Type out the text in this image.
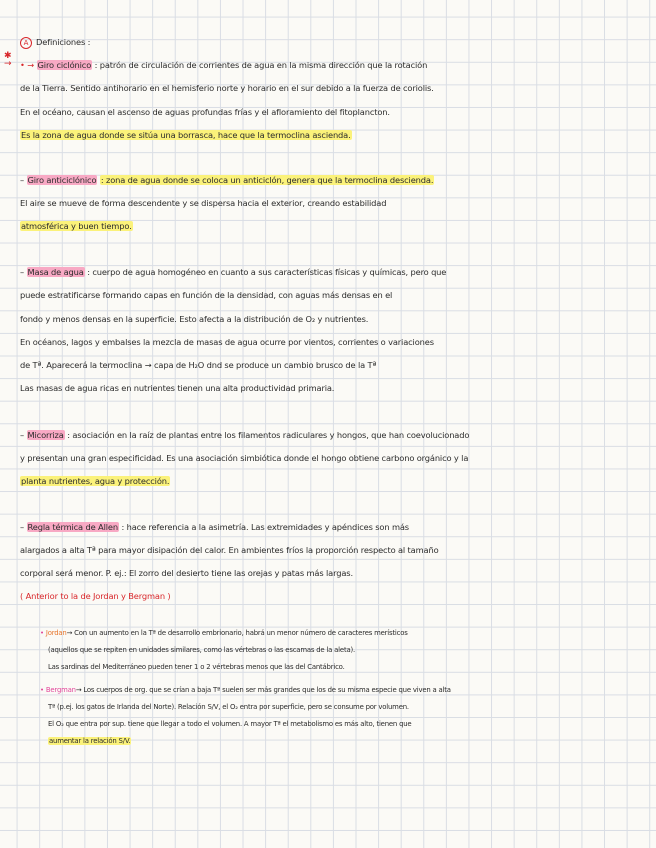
✱
→
A Definiciones :
• → Giro ciclónico : patrón de circulación de corrientes de agua en la misma dirección que la rotación
de la Tierra. Sentido antihorario en el hemisferio norte y horario en el sur debido a la fuerza de coriolis.
En el océano, causan el ascenso de aguas profundas frías y el afloramiento del fitoplancton.
Es la zona de agua donde se sitúa una borrasca, hace que la termoclina ascienda.
– Giro anticiclónico : zona de agua donde se coloca un anticiclón, genera que la termoclina descienda.
El aire se mueve de forma descendente y se dispersa hacia el exterior, creando estabilidad
atmosférica y buen tiempo.
– Masa de agua : cuerpo de agua homogéneo en cuanto a sus características físicas y químicas, pero que
puede estratificarse formando capas en función de la densidad, con aguas más densas en el
fondo y menos densas en la superficie. Esto afecta a la distribución de O₂ y nutrientes.
En océanos, lagos y embalses la mezcla de masas de agua ocurre por vientos, corrientes o variaciones
de Tª. Aparecerá la termoclina → capa de H₂O dnd se produce un cambio brusco de la Tª
Las masas de agua ricas en nutrientes tienen una alta productividad primaria.
– Micorriza : asociación en la raíz de plantas entre los filamentos radiculares y hongos, que han coevolucionado
y presentan una gran especificidad. Es una asociación simbiótica donde el hongo obtiene carbono orgánico y la
planta nutrientes, agua y protección.
– Regla térmica de Allen : hace referencia a la asimetría. Las extremidades y apéndices son más
alargados a alta Tª para mayor disipación del calor. En ambientes fríos la proporción respecto al tamaño
corporal será menor. P. ej.: El zorro del desierto tiene las orejas y patas más largas.
( Anterior to la de Jordan y Bergman )
• Jordan→ Con un aumento en la Tª de desarrollo embrionario, habrá un menor número de caracteres merísticos
(aquellos que se repiten en unidades similares, como las vértebras o las escamas de la aleta).
Las sardinas del Mediterráneo pueden tener 1 o 2 vértebras menos que las del Cantábrico.
• Bergman→ Los cuerpos de org. que se crían a baja Tª suelen ser más grandes que los de su misma especie que viven a alta
Tª (p.ej. los gatos de Irlanda del Norte). Relación S/V, el O₂ entra por superficie, pero se consume por volumen.
El O₂ que entra por sup. tiene que llegar a todo el volumen. A mayor Tª el metabolismo es más alto, tienen que
aumentar la relación S/V.
